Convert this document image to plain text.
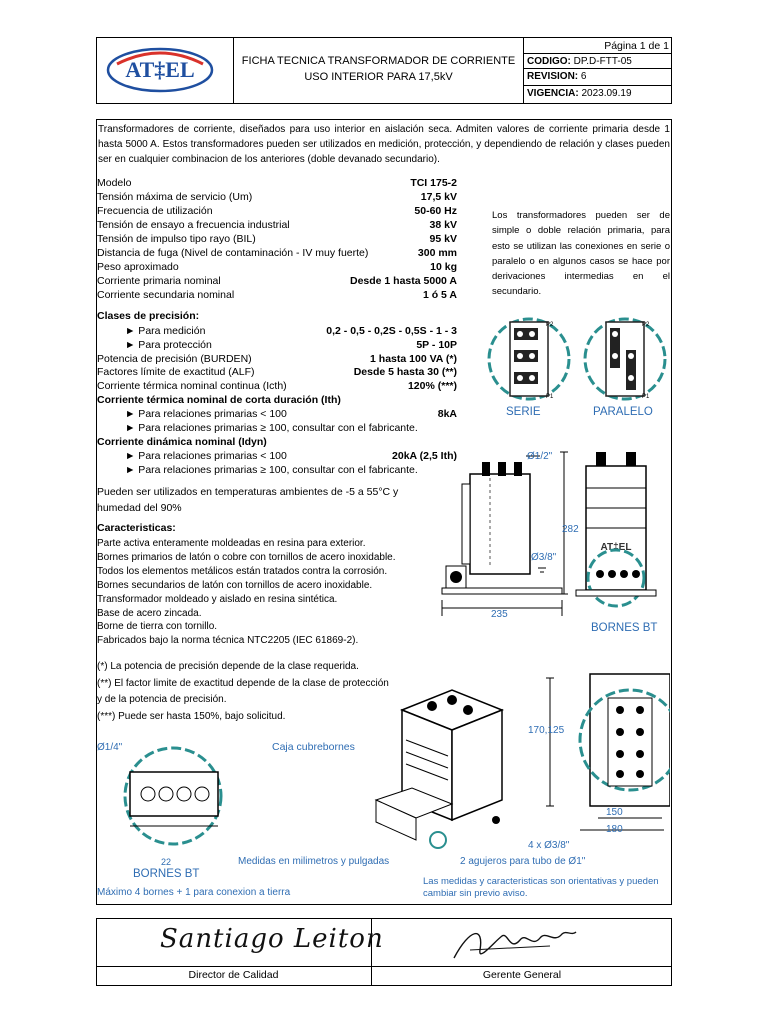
AT‡EL	FICHA TECNICA TRANSFORMADOR DE CORRIENTE
USO INTERIOR PARA 17,5kV
Página 1 de 1
CODIGO: DP.D-FTT-05
REVISION: 6
VIGENCIA: 2023.09.19
Transformadores de corriente, diseñados para uso interior en aislación seca. Admiten valores de corriente primaria desde 1 hasta 5000 A. Estos transformadores pueden ser utilizados en medición, protección, y dependiendo de relación y clases pueden ser en cualquier combinacion de los anteriores (doble devanado secundario).
Modelo	TCI 175-2
Tensión máxima de servicio (Um)	17,5 kV
Frecuencia de utilización	50-60 Hz
Tensión de ensayo a frecuencia industrial	38 kV
Tensión de impulso tipo rayo (BIL)	95 kV
Distancia de fuga (Nivel de contaminación - IV muy fuerte)	300 mm
Peso aproximado	10 kg
Corriente primaria nominal	Desde 1 hasta 5000 A
Corriente secundaria nominal	1 ó 5 A
Los transformadores pueden ser de simple o doble relación primaria, para esto se utilizan las conexiones en serie o paralelo o en algunos casos se hace por derivaciones intermedias en el secundario.
Clases de precisión:
► Para medición	0,2 - 0,5 - 0,2S - 0,5S - 1 - 3
► Para protección	5P - 10P
Potencia de precisión (BURDEN)	1 hasta 100 VA (*)
Factores límite de exactitud (ALF)	Desde 5 hasta 30 (**)
Corriente térmica nominal continua (Icth)	120% (***)
Corriente térmica nominal de corta duración (Ith)
► Para relaciones primarias < 100	8kA
► Para relaciones primarias ≥ 100, consultar con el fabricante.
Corriente dinámica nominal (Idyn)
► Para relaciones primarias < 100	20kA (2,5 Ith)
► Para relaciones primarias ≥ 100, consultar con el fabricante.
Pueden ser utilizados en temperaturas ambientes de -5 a 55°C y humedad del 90%
Caracteristicas:
Parte activa enteramente moldeadas en resina para exterior.
Bornes primarios de latón o cobre con tornillos de acero inoxidable.
Todos los elementos metálicos están tratados contra la corrosión.
Bornes secundarios de latón con tornillos de acero inoxidable.
Transformador moldeado y aislado en resina sintética.
Base de acero zincada.
Borne de tierra con tornillo.
Fabricados bajo la norma técnica NTC2205 (IEC 61869-2).
(*) La potencia de precisión depende de la clase requerida.
(**) El factor limite de exactitud depende de la clase de protección
y de la potencia de precisión.
(***) Puede ser hasta 150%, bajo solicitud.
P2
P1
SERIE
P2
P1
PARALELO
Ø1/2"
Ø3/8"
235
AT‡EL
282
BORNES BT
Caja cubrebornes
170,125
150
180
4 x Ø3/8"
Ø1/4"
22
BORNES BT
Máximo 4 bornes + 1 para conexion a tierra
Medidas en milimetros y pulgadas	2 agujeros para tubo de Ø1"
Las medidas y caracteristicas son orientativas y pueden cambiar sin previo aviso.
Santiago Leiton
Director de Calidad	Gerente General
